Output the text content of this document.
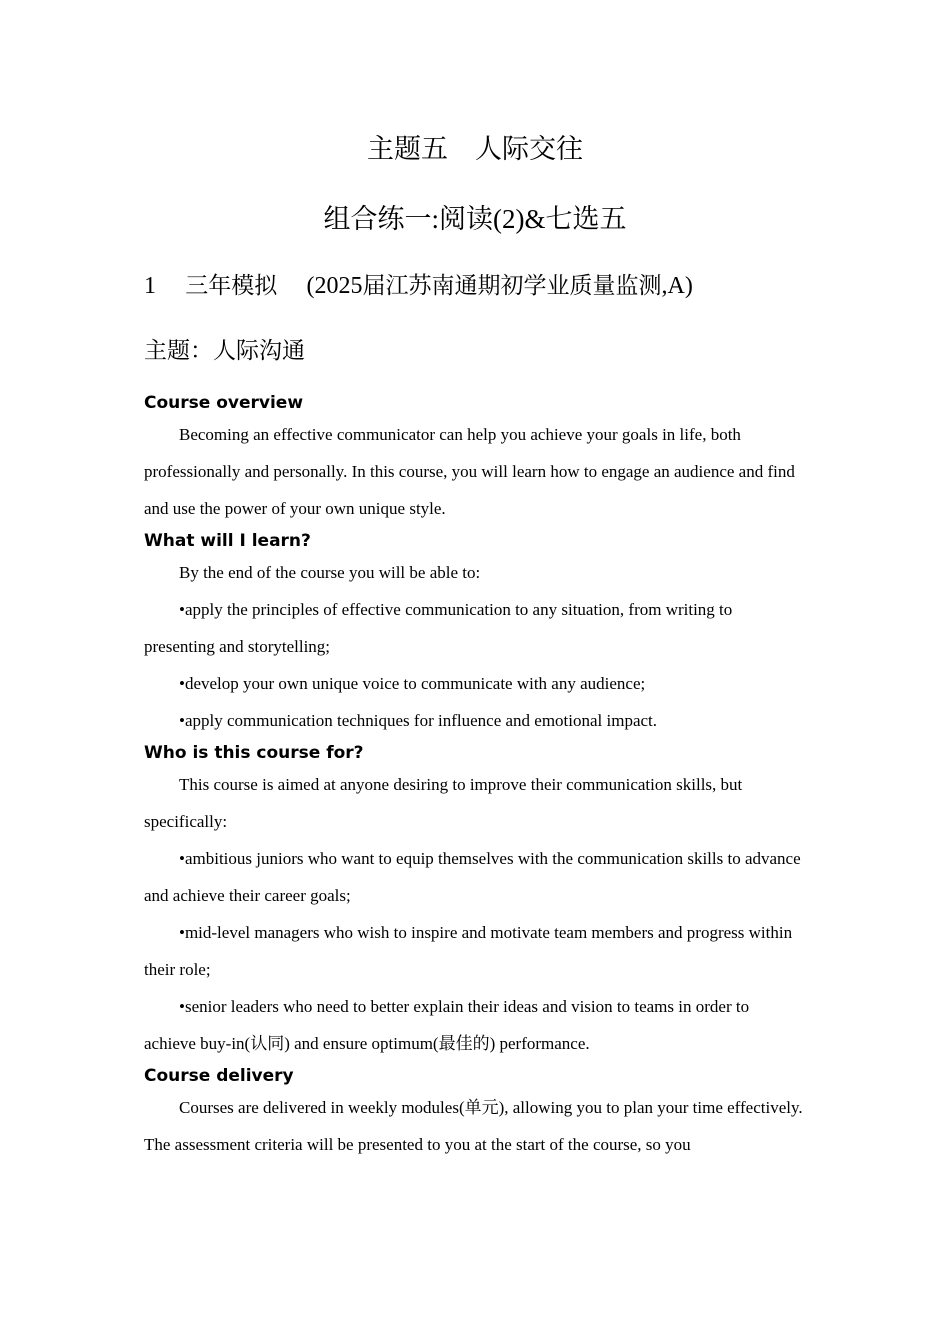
主题五　人际交往
组合练一:阅读(2)&七选五
1 三年模拟 (2025届江苏南通期初学业质量监测,A)
主题：人际沟通
Course overview

Becoming an effective communicator can help you achieve your goals in life, both professionally and personally. In this course, you will learn how to engage an audience and find and use the power of your own unique style.

What will I learn?

By the end of the course you will be able to:

•apply the principles of effective communication to any situation, from writing to presenting and storytelling;

•develop your own unique voice to communicate with any audience;

•apply communication techniques for influence and emotional impact.

Who is this course for?

This course is aimed at anyone desiring to improve their communication skills, but specifically:

•ambitious juniors who want to equip themselves with the communication skills to advance and achieve their career goals;

•mid-level managers who wish to inspire and motivate team members and progress within their role;

•senior leaders who need to better explain their ideas and vision to teams in order to achieve buy-in(认同) and ensure optimum(最佳的) performance.

Course delivery

Courses are delivered in weekly modules(单元), allowing you to plan your time effectively. The assessment criteria will be presented to you at the start of the course, so you
